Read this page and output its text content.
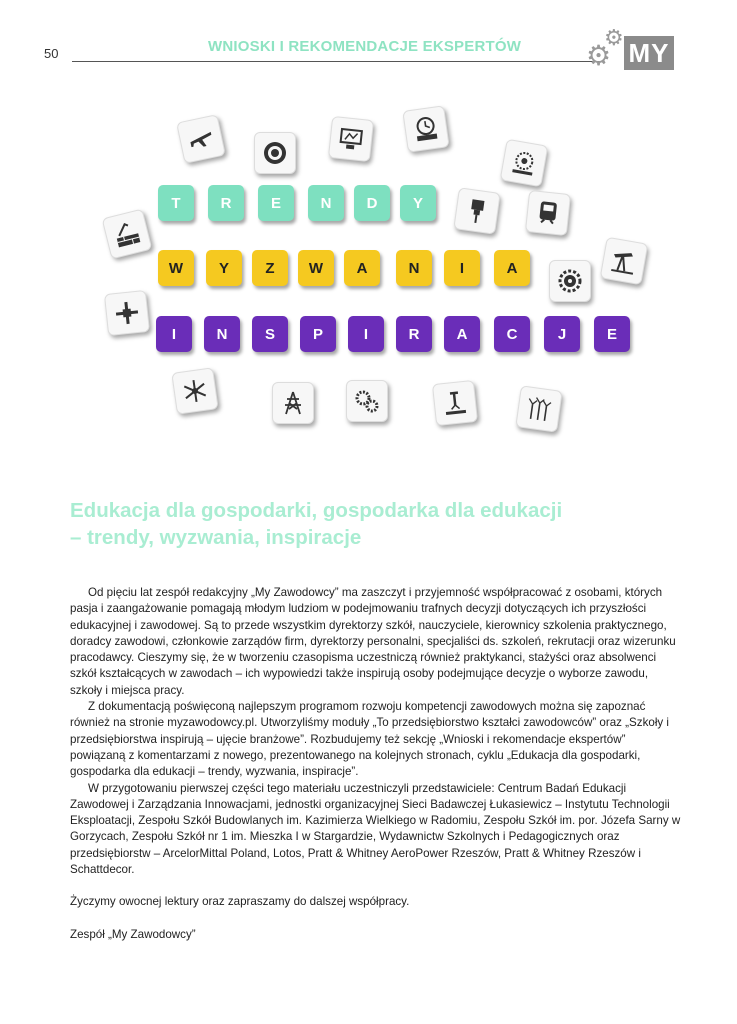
50	WNIOSKI I REKOMENDACJE EKSPERTÓW ⚙
⚙
MY
T	R	E	N D Y
W Y Z W A	N	I	A
I	N	S	P	I	R A	C	J	E
Edukacja dla gospodarki, gospodarka dla edukacji
– trendy, wyzwania, inspiracje

Od pięciu lat zespół redakcyjny „My Zawodowcy” ma zaszczyt i przyjemność współpracować z osobami, których pasja i zaangażowanie pomagają młodym ludziom w podejmowaniu trafnych decyzji dotyczących ich przyszłości edukacyjnej i zawodowej. Są to przede wszystkim dyrektorzy szkół, nauczyciele, kierownicy szkolenia praktycznego, doradcy zawodowi, członkowie zarządów firm, dyrektorzy personalni, specjaliści ds. szkoleń, rekrutacji oraz wizerunku pracodawcy. Cieszymy się, że w tworzeniu czasopisma uczestniczą również praktykanci, stażyści oraz absolwenci szkół kształcących w zawodach – ich wypowiedzi także inspirują osoby podejmujące decyzje o wyborze zawodu, szkoły i miejsca pracy.

Z dokumentacją poświęconą najlepszym programom rozwoju kompetencji zawodowych można się zapoznać również na stronie myzawodowcy.pl. Utworzyliśmy moduły „To przedsiębiorstwo kształci zawodowców” oraz „Szkoły i przedsiębiorstwa inspirują – ujęcie branżowe”. Rozbudujemy też sekcję „Wnioski i rekomendacje ekspertów” powiązaną z komentarzami z nowego, prezentowanego na kolejnych stronach, cyklu „Edukacja dla gospodarki, gospodarka dla edukacji – trendy, wyzwania, inspiracje”.

W przygotowaniu pierwszej części tego materiału uczestniczyli przedstawiciele: Centrum Badań Edukacji Zawodowej i Zarządzania Innowacjami, jednostki organizacyjnej Sieci Badawczej Łukasiewicz – Instytutu Technologii Eksploatacji, Zespołu Szkół Budowlanych im. Kazimierza Wielkiego w Radomiu, Zespołu Szkół im. por. Józefa Sarny w Gorzycach, Zespołu Szkół nr 1 im. Mieszka I w Stargardzie, Wydawnictw Szkolnych i Pedagogicznych oraz przedsiębiorstw – ArcelorMittal Poland, Lotos, Pratt & Whitney AeroPower Rzeszów, Pratt & Whitney Rzeszów i Schattdecor.

Życzymy owocnej lektury oraz zapraszamy do dalszej współpracy.

Zespół „My Zawodowcy”
